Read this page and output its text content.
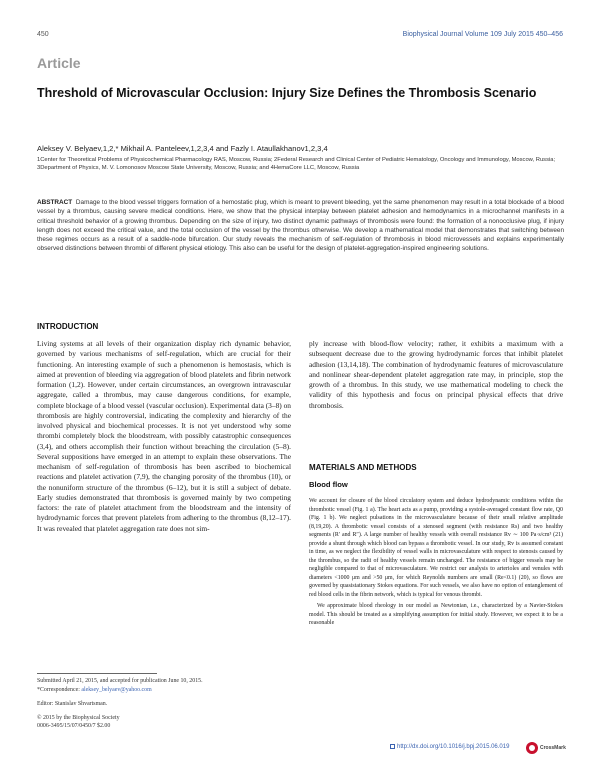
450	Biophysical Journal Volume 109 July 2015 450–456
Article
Threshold of Microvascular Occlusion: Injury Size Defines the Thrombosis Scenario
Aleksey V. Belyaev,1,2,* Mikhail A. Panteleev,1,2,3,4 and Fazly I. Ataullakhanov1,2,3,4
1Center for Theoretical Problems of Physicochemical Pharmacology RAS, Moscow, Russia; 2Federal Research and Clinical Center of Pediatric Hematology, Oncology and Immunology, Moscow, Russia; 3Department of Physics, M. V. Lomonosov Moscow State University, Moscow, Russia; and 4HemaCore LLC, Moscow, Russia
ABSTRACT Damage to the blood vessel triggers formation of a hemostatic plug, which is meant to prevent bleeding, yet the same phenomenon may result in a total blockade of a blood vessel by a thrombus, causing severe medical conditions. Here, we show that the physical interplay between platelet adhesion and hemodynamics in a microchannel manifests in a critical threshold behavior of a growing thrombus. Depending on the size of injury, two distinct dynamic pathways of thrombosis were found: the formation of a nonocclusive plug, if injury length does not exceed the critical value, and the total occlusion of the vessel by the thrombus otherwise. We develop a mathematical model that demonstrates that switching between these regimes occurs as a result of a saddle-node bifurcation. Our study reveals the mechanism of self-regulation of thrombosis in blood microvessels and explains experimentally observed distinctions between thrombi of different physical etiology. This also can be useful for the design of platelet-aggregation-inspired engineering solutions.
INTRODUCTION
Living systems at all levels of their organization display rich dynamic behavior, governed by various mechanisms of self-regulation, which are crucial for their functioning. An interesting example of such a phenomenon is hemostasis, which is aimed at prevention of bleeding via aggregation of blood platelets and fibrin network formation (1,2). However, under certain circumstances, an overgrown intravascular aggregate, called a thrombus, may cause dangerous conditions, for example, complete blockage of a blood vessel (vascular occlusion). Experimental data (3–8) on thrombosis are highly controversial, indicating the complexity and hierarchy of the involved physical and biochemical processes. It is not yet understood why some thrombi completely block the bloodstream, with possibly catastrophic consequences (3,4), and others accomplish their function without breaching the circulation (5–8). Several suppositions have emerged in an attempt to explain these observations. The mechanism of self-regulation of thrombosis has been ascribed to biochemical reactions and platelet activation (7,9), the changing porosity of the thrombus (10), or the nonuniform structure of the thrombus (6–12), but it is still a subject of debate. Early studies demonstrated that thrombosis is governed mainly by two competing factors: the rate of platelet attachment from the bloodstream and the intensity of hydrodynamic forces that prevent platelets from adhering to the thrombus (8,12–17). It was revealed that platelet aggregation rate does not sim-
ply increase with blood-flow velocity; rather, it exhibits a maximum with a subsequent decrease due to the growing hydrodynamic forces that inhibit platelet adhesion (13,14,18). The combination of hydrodynamic features of microvasculature and nonlinear shear-dependent platelet aggregation rate may, in principle, stop the growth of a thrombus. In this study, we use mathematical modeling to check the validity of this hypothesis and focus on principal physical effects that drive thrombosis.
MATERIALS AND METHODS
Blood flow
We account for closure of the blood circulatory system and deduce hydrodynamic conditions within the thrombotic vessel (Fig. 1 a). The heart acts as a pump, providing a systole-averaged constant flow rate, Q0 (Fig. 1 b). We neglect pulsations in the microvasculature because of their small relative amplitude (8,19,20). A thrombotic vessel consists of a stenosed segment (with resistance Rs) and two healthy segments (R′ and R″). A large number of healthy vessels with overall resistance Rv ∼ 100 Pa·s/cm³ (21) provide a shunt through which blood can bypass a thrombotic vessel. In our study, Rv is assumed constant in time, as we neglect the flexibility of vessel walls in microvasculature with respect to stenosis caused by the thrombus, so the radii of healthy vessels remain unchanged. The resistance of bigger vessels may be negligible compared to that of microvasculature. We restrict our analysis to arterioles and venules with diameters <1000 μm and >50 μm, for which Reynolds numbers are small (Re<0.1) (20), so flows are governed by quasistationary Stokes equations. For such vessels, we also have no option of entanglement of red blood cells in the fibrin network, which is typical for venous thrombi.
We approximate blood rheology in our model as Newtonian, i.e., characterized by a Navier-Stokes model. This should be treated as a simplifying assumption for initial study. However, we expect it to be a reasonable
Submitted April 21, 2015, and accepted for publication June 10, 2015.
*Correspondence: aleksey_belyaev@yahoo.com
Editor: Stanislav Shvartsman.
© 2015 by the Biophysical Society
0006-3495/15/07/0450/7 $2.00
http://dx.doi.org/10.1016/j.bpj.2015.06.019	CrossMark
